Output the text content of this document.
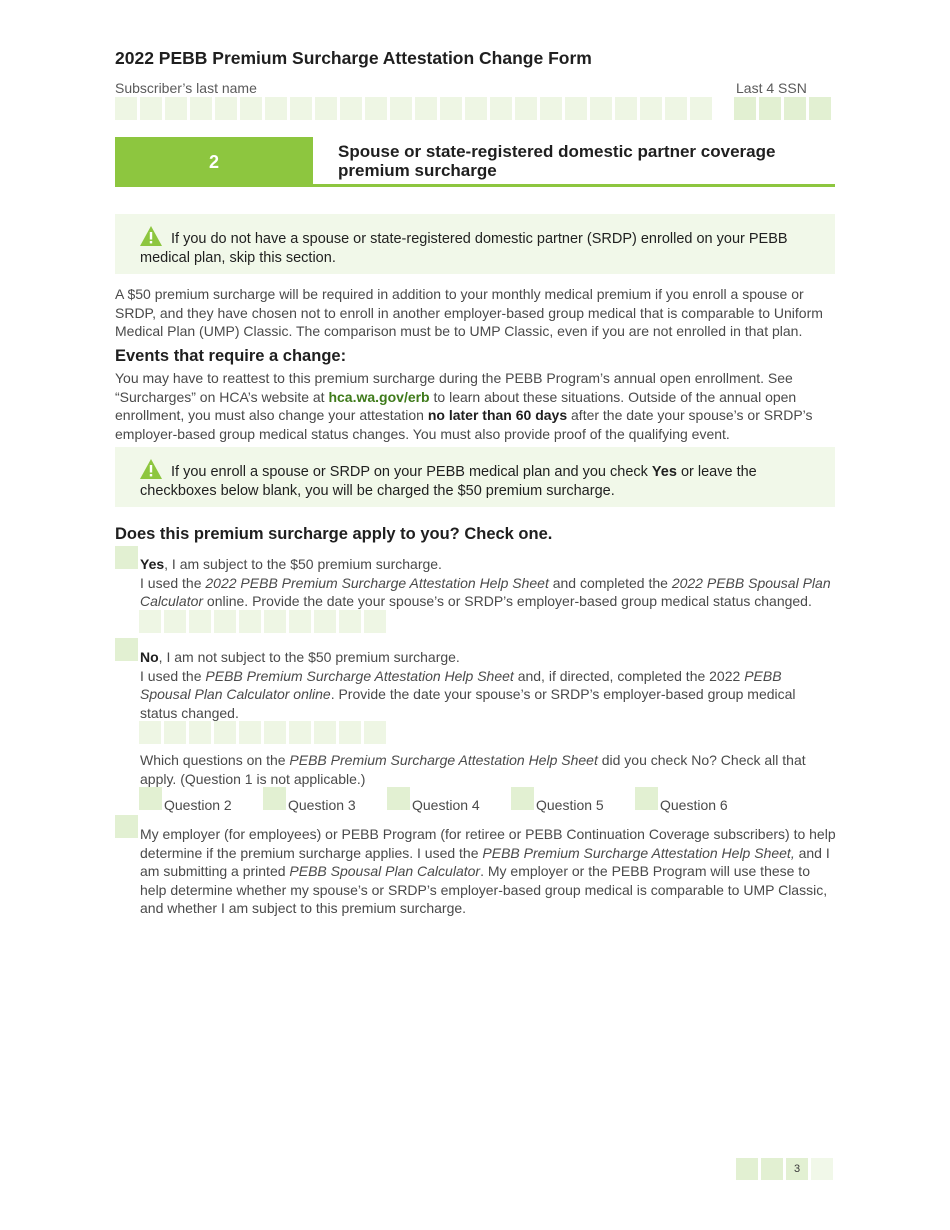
2022 PEBB Premium Surcharge Attestation Change Form
Subscriber’s last name	Last 4 SSN
2	Spouse or state-registered domestic partner coverage premium surcharge
If you do not have a spouse or state-registered domestic partner (SRDP) enrolled on your PEBB medical plan, skip this section.
A $50 premium surcharge will be required in addition to your monthly medical premium if you enroll a spouse or SRDP, and they have chosen not to enroll in another employer-based group medical that is comparable to Uniform Medical Plan (UMP) Classic. The comparison must be to UMP Classic, even if you are not enrolled in that plan.
Events that require a change:
You may have to reattest to this premium surcharge during the PEBB Program’s annual open enrollment. See “Surcharges” on HCA’s website at hca.wa.gov/erb to learn about these situations. Outside of the annual open enrollment, you must also change your attestation no later than 60 days after the date your spouse’s or SRDP’s employer-based group medical status changes. You must also provide proof of the qualifying event.
If you enroll a spouse or SRDP on your PEBB medical plan and you check Yes or leave the checkboxes below blank, you will be charged the $50 premium surcharge.
Does this premium surcharge apply to you? Check one.
Yes, I am subject to the $50 premium surcharge.
I used the 2022 PEBB Premium Surcharge Attestation Help Sheet and completed the 2022 PEBB Spousal Plan Calculator online. Provide the date your spouse’s or SRDP’s employer-based group medical status changed.
No, I am not subject to the $50 premium surcharge.
I used the PEBB Premium Surcharge Attestation Help Sheet and, if directed, completed the 2022 PEBB Spousal Plan Calculator online. Provide the date your spouse’s or SRDP’s employer-based group medical status changed.
Which questions on the PEBB Premium Surcharge Attestation Help Sheet did you check No? Check all that apply. (Question 1 is not applicable.)
Question 2	Question 3	Question 4	Question 5	Question 6
My employer (for employees) or PEBB Program (for retiree or PEBB Continuation Coverage subscribers) to help determine if the premium surcharge applies. I used the PEBB Premium Surcharge Attestation Help Sheet, and I am submitting a printed PEBB Spousal Plan Calculator. My employer or the PEBB Program will use these to help determine whether my spouse’s or SRDP’s employer-based group medical is comparable to UMP Classic, and whether I am subject to this premium surcharge.
3
